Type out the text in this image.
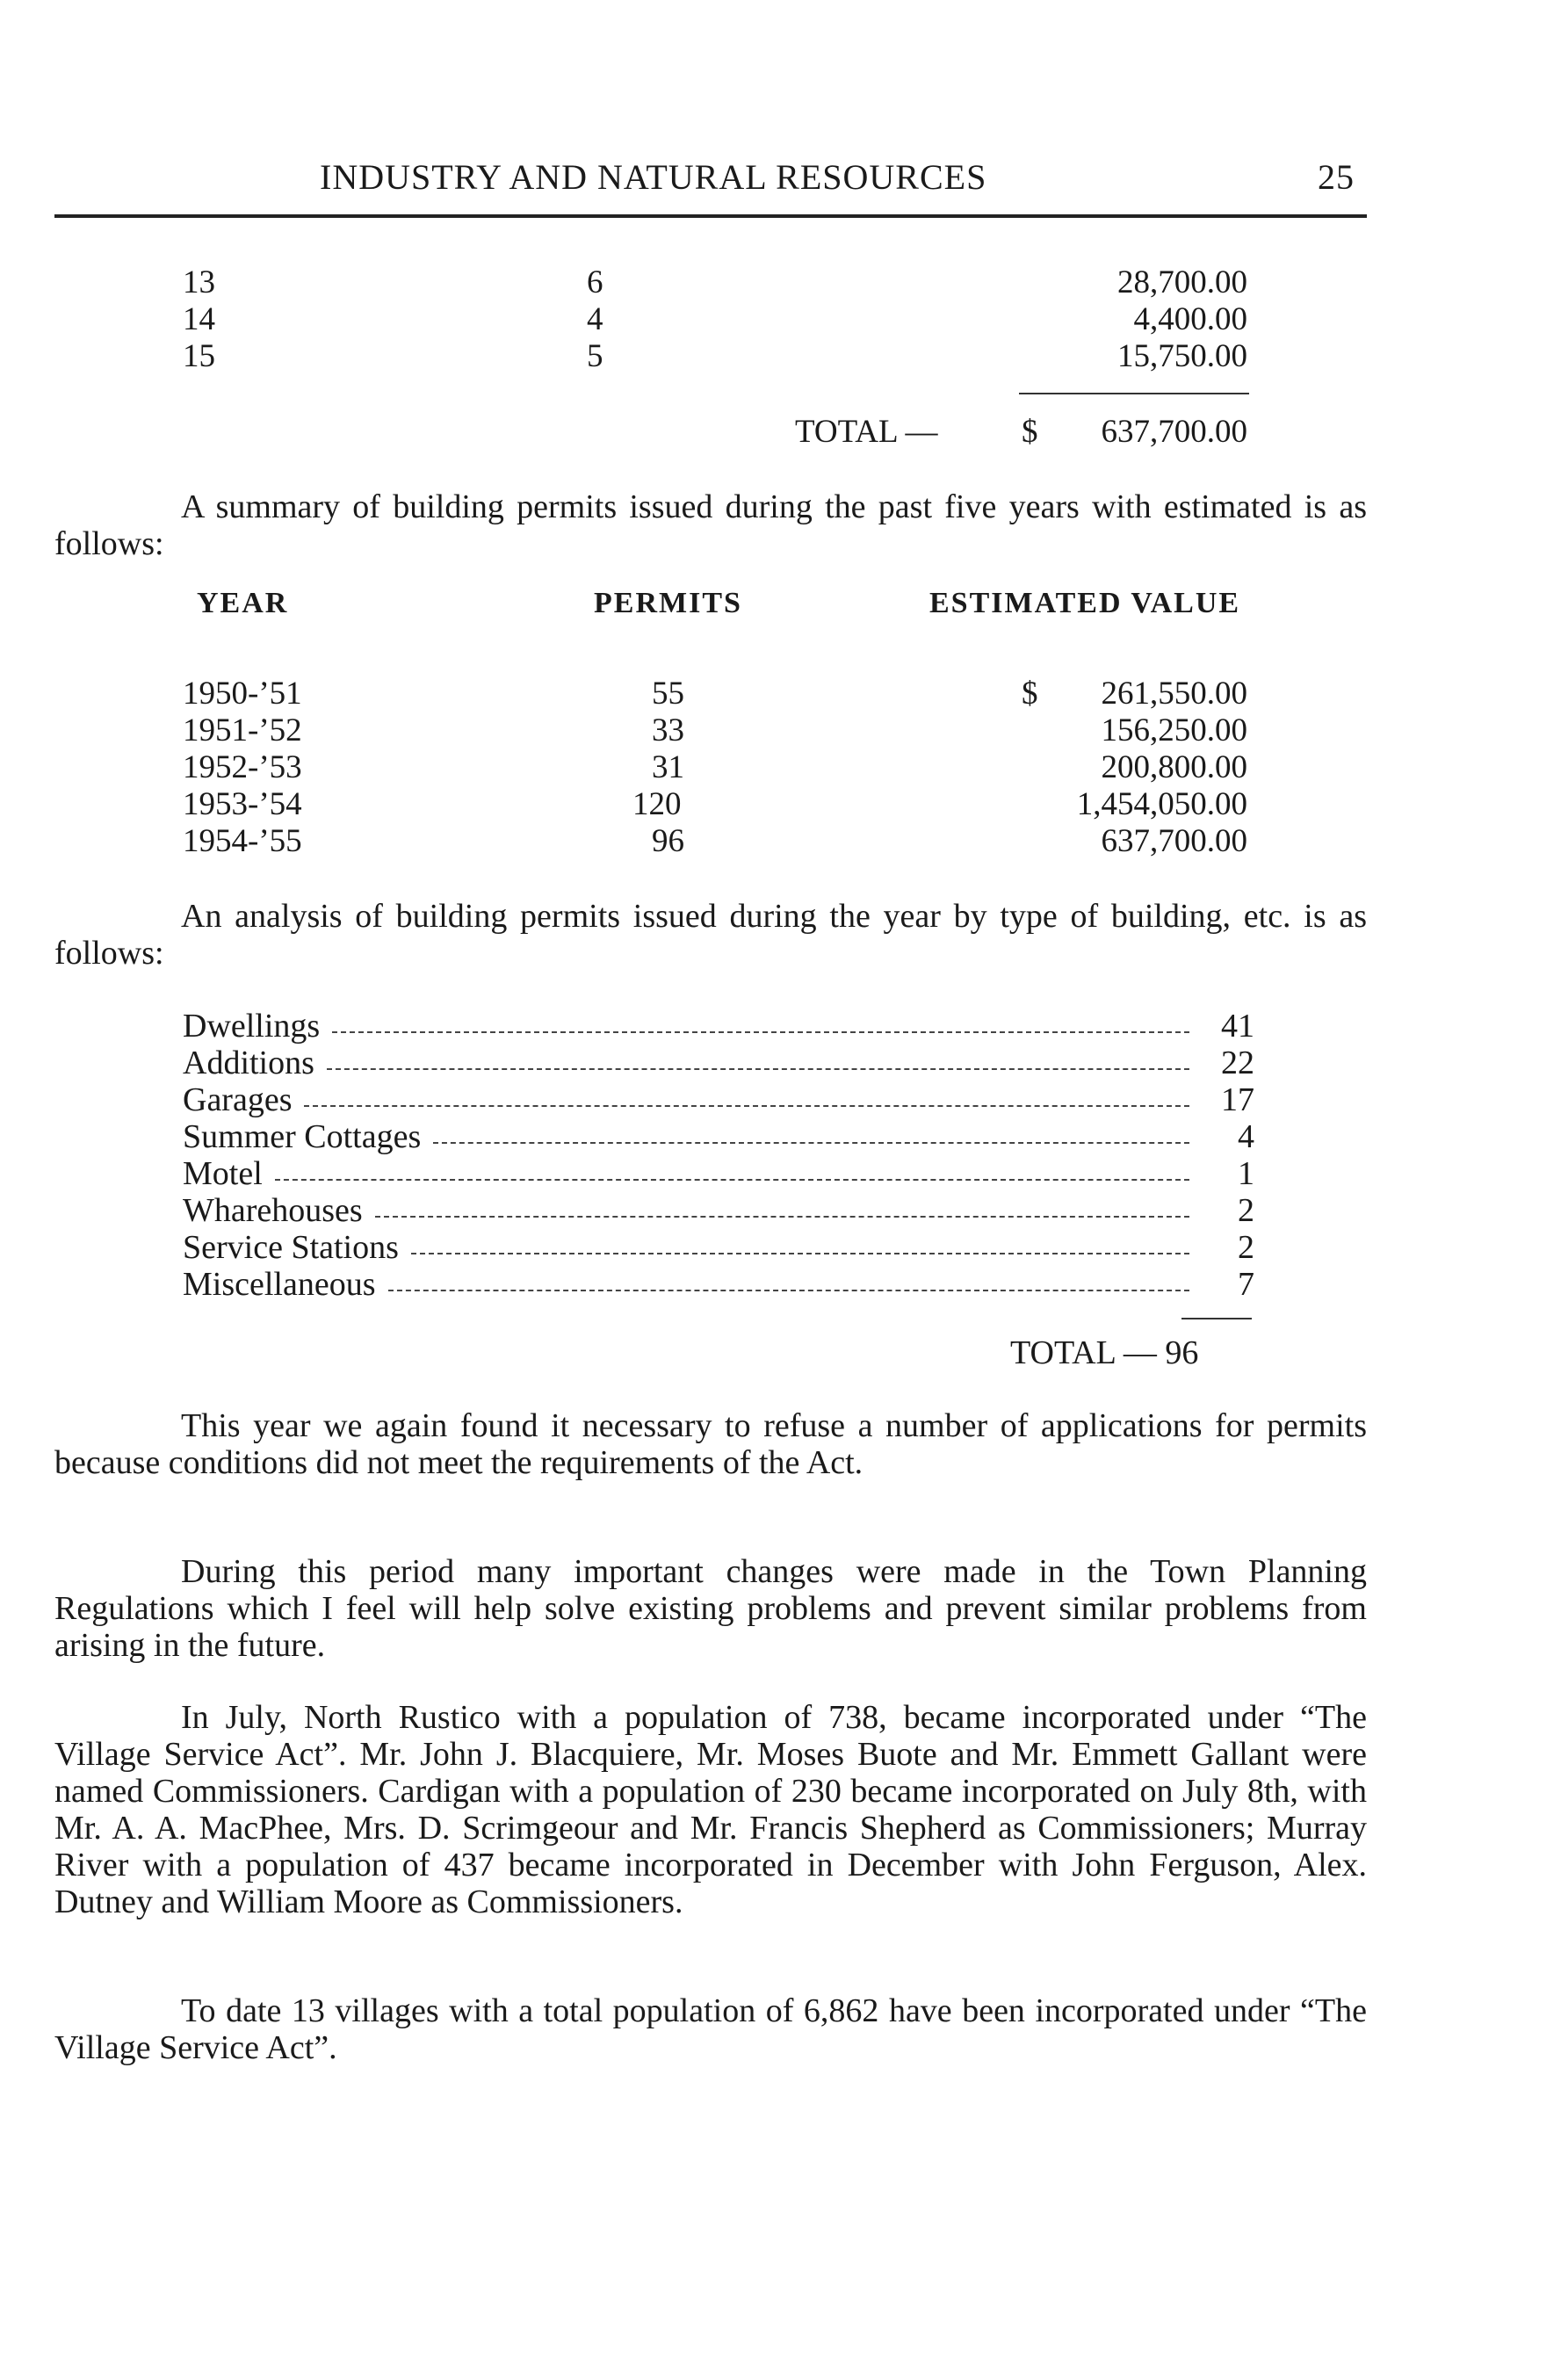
INDUSTRY AND NATURAL RESOURCES	25
13	6	28,700.00
14	4	4,400.00
15	5	15,750.00
TOTAL —	$	637,700.00

A summary of building permits issued during the past five years with estimated is as follows:

YEAR	PERMITS	ESTIMATED VALUE
1950-’51	55	$	261,550.00
1951-’52	33	156,250.00
1952-’53	31	200,800.00
1953-’54	120	1,454,050.00
1954-’55	96	637,700.00

An analysis of building permits issued during the year by type of building, etc. is as follows:

Dwellings	41
Additions	22
Garages	17
Summer Cottages	4
Motel	1
Wharehouses	2
Service Stations	2
Miscellaneous	7
TOTAL — 96

This year we again found it necessary to refuse a number of applications for permits because conditions did not meet the requirements of the Act.

During this period many important changes were made in the Town Planning Regulations which I feel will help solve existing problems and prevent similar problems from arising in the future.

In July, North Rustico with a population of 738, became incorporated under “The Village Service Act”. Mr. John J. Blacquiere, Mr. Moses Buote and Mr. Emmett Gallant were named Commissioners. Cardigan with a population of 230 became incorporated on July 8th, with Mr. A. A. MacPhee, Mrs. D. Scrimgeour and Mr. Francis Shepherd as Commissioners; Murray River with a population of 437 became incorporated in December with John Ferguson, Alex. Dutney and William Moore as Commissioners.

To date 13 villages with a total population of 6,862 have been incorporated under “The Village Service Act”.
